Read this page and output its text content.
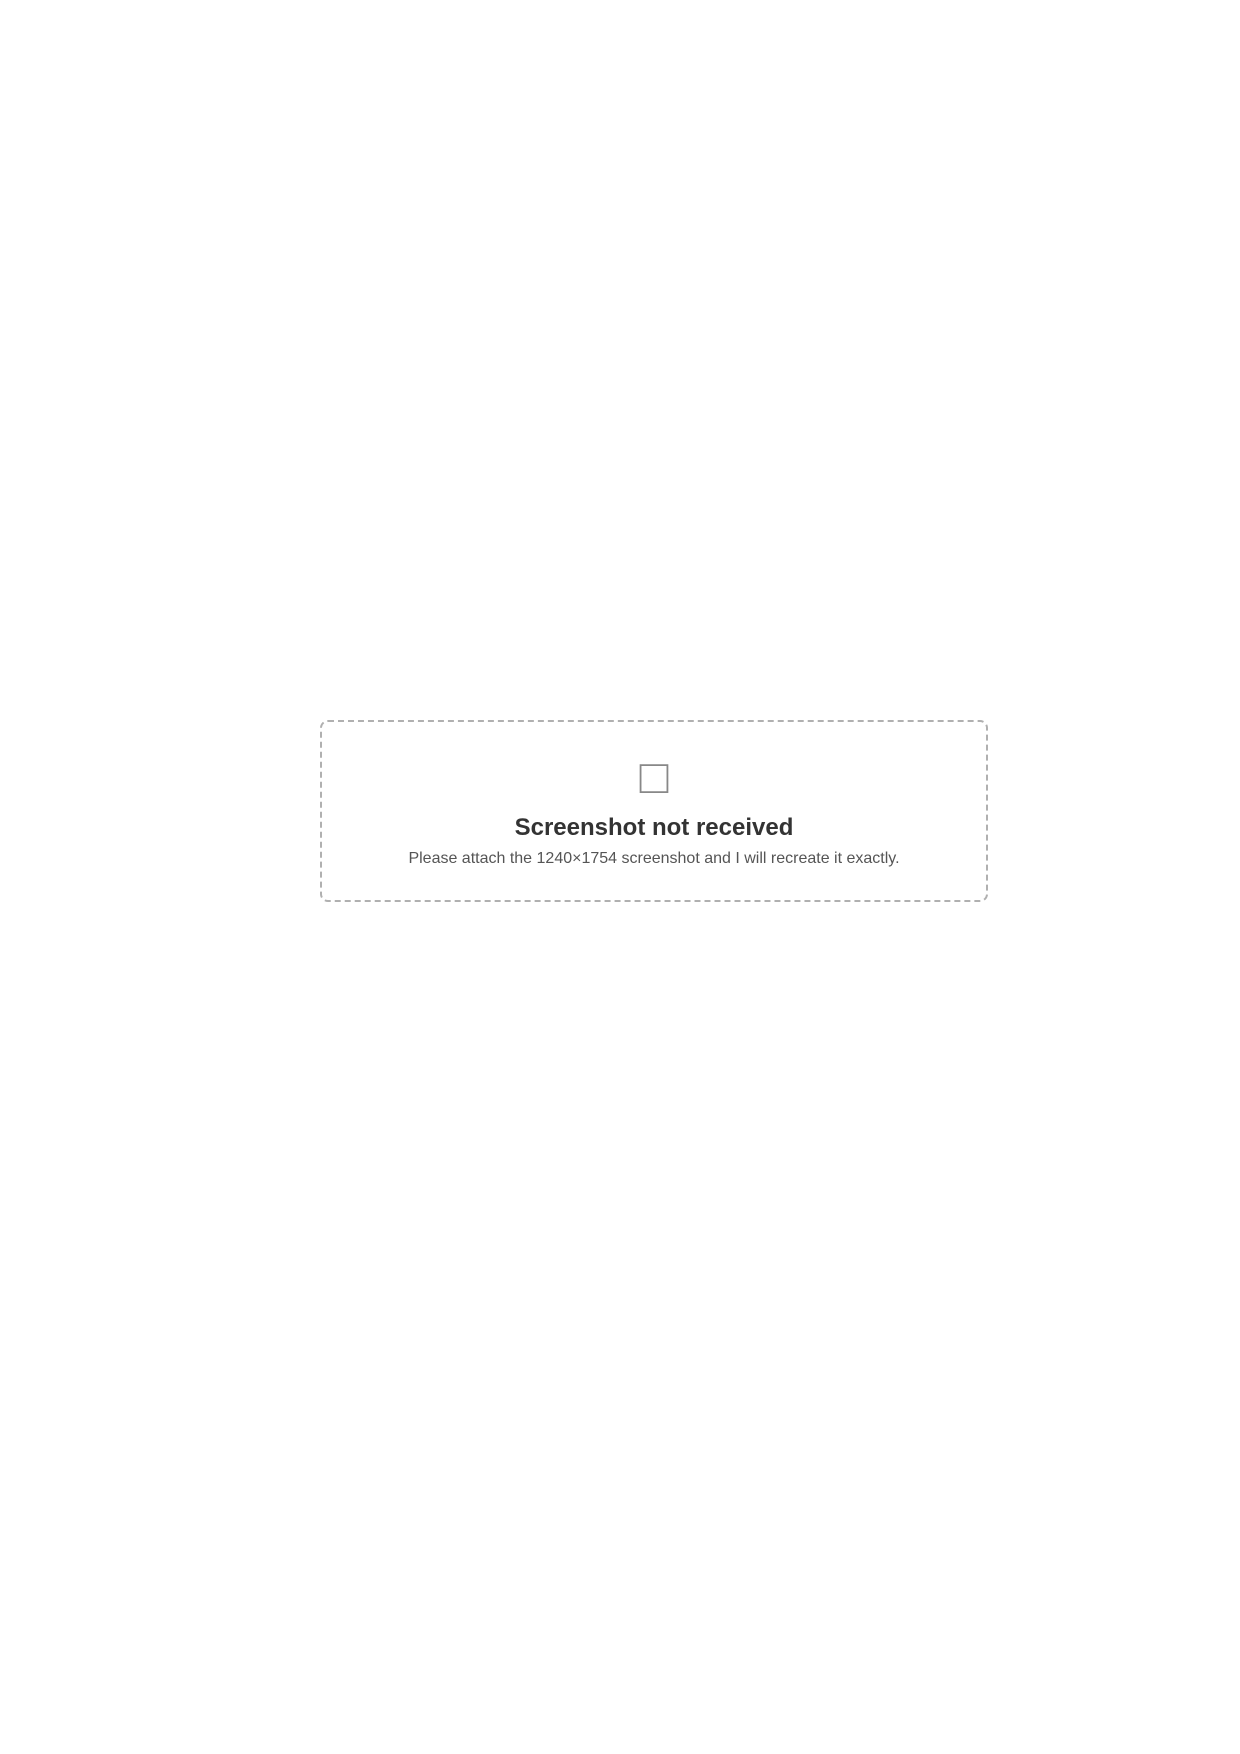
□
Screenshot not received
Please attach the 1240×1754 screenshot and I will recreate it exactly.
